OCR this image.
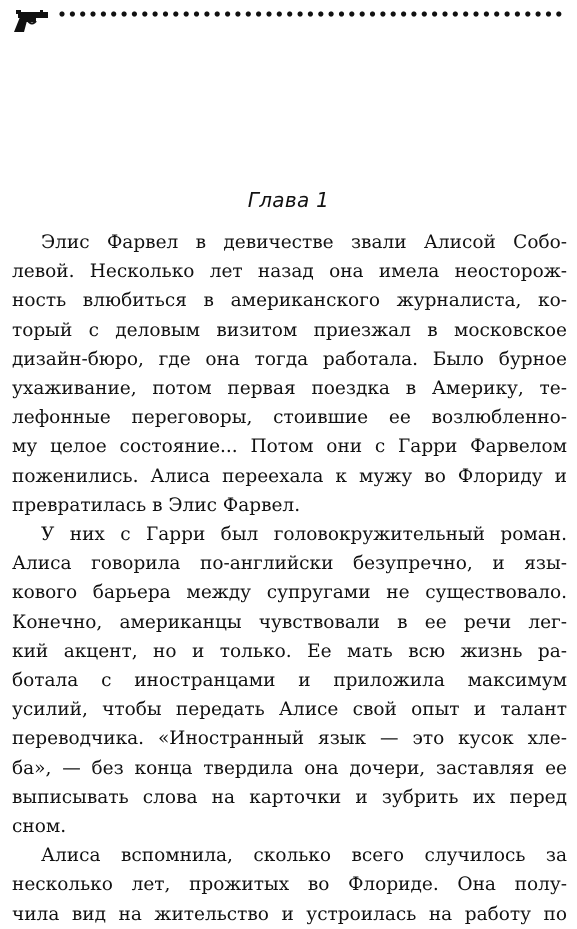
Глава 1
Элис Фарвел в девичестве звали Алисой Собо-
левой. Несколько лет назад она имела неосторож-
ность влюбиться в американского журналиста, ко-
торый с деловым визитом приезжал в московское
дизайн-бюро, где она тогда работала. Было бурное
ухаживание, потом первая поездка в Америку, те-
лефонные переговоры, стоившие ее возлюбленно-
му целое состояние... Потом они с Гарри Фарвелом
поженились. Алиса переехала к мужу во Флориду и
превратилась в Элис Фарвел.
У них с Гарри был головокружительный роман.
Алиса говорила по-английски безупречно, и язы-
кового барьера между супругами не существовало.
Конечно, американцы чувствовали в ее речи лег-
кий акцент, но и только. Ее мать всю жизнь ра-
ботала с иностранцами и приложила максимум
усилий, чтобы передать Алисе свой опыт и талант
переводчика. «Иностранный язык — это кусок хле-
ба», — без конца твердила она дочери, заставляя ее
выписывать слова на карточки и зубрить их перед
сном.
Алиса вспомнила, сколько всего случилось за
несколько лет, прожитых во Флориде. Она полу-
чила вид на жительство и устроилась на работу по
